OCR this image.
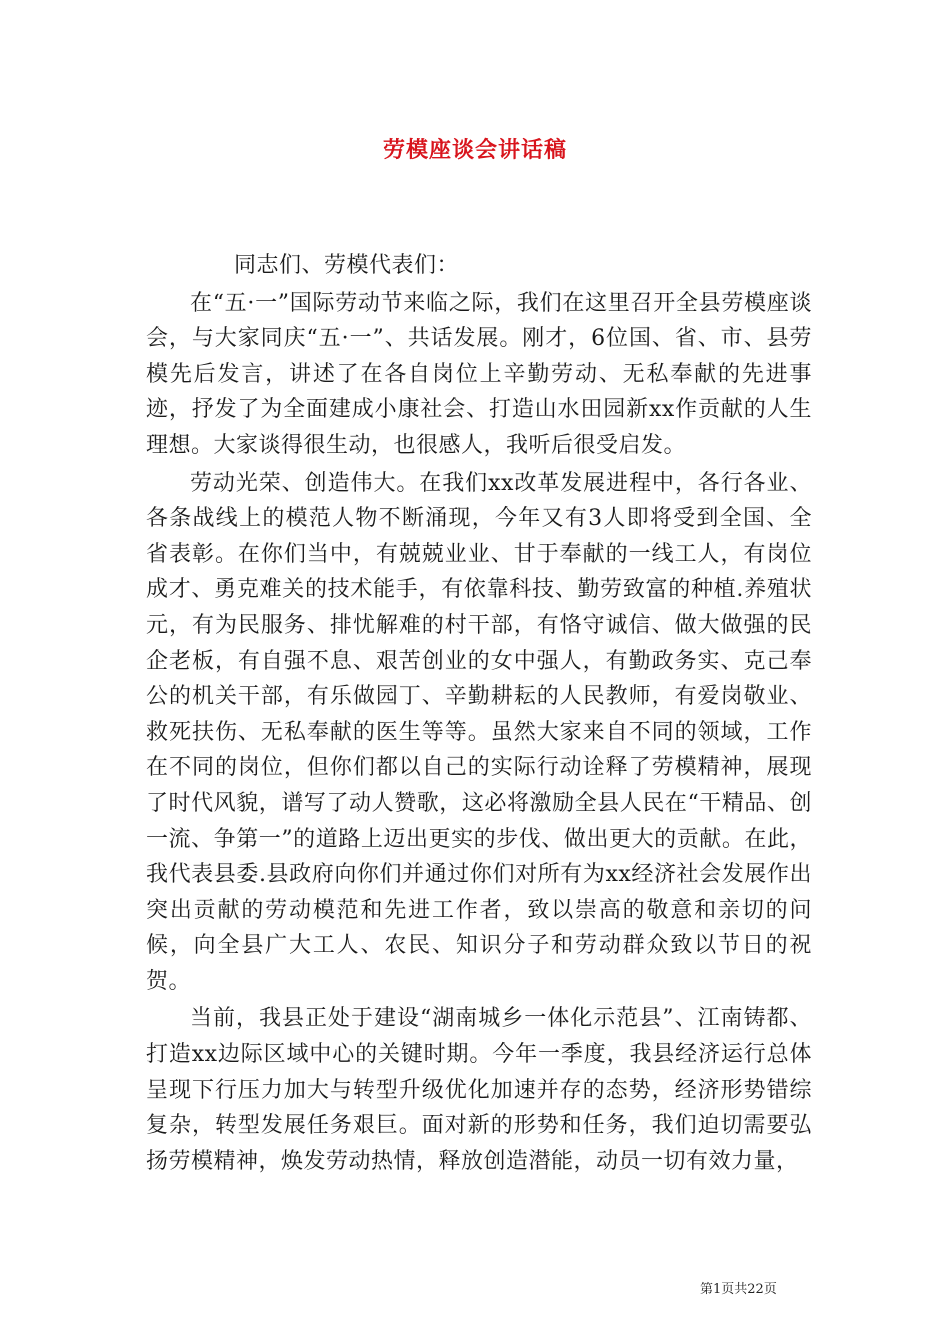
劳模座谈会讲话稿

同志们、劳模代表们：

在“五·一”国际劳动节来临之际，我们在这里召开全县劳模座谈会，与大家同庆“五·一”、共话发展。刚才，6位国、省、市、县劳模先后发言，讲述了在各自岗位上辛勤劳动、无私奉献的先进事迹，抒发了为全面建成小康社会、打造山水田园新xx作贡献的人生理想。大家谈得很生动，也很感人，我听后很受启发。

劳动光荣、创造伟大。在我们xx改革发展进程中，各行各业、各条战线上的模范人物不断涌现，今年又有3人即将受到全国、全省表彰。在你们当中，有兢兢业业、甘于奉献的一线工人，有岗位成才、勇克难关的技术能手，有依靠科技、勤劳致富的种植.养殖状元，有为民服务、排忧解难的村干部，有恪守诚信、做大做强的民企老板，有自强不息、艰苦创业的女中强人，有勤政务实、克己奉公的机关干部，有乐做园丁、辛勤耕耘的人民教师，有爱岗敬业、救死扶伤、无私奉献的医生等等。虽然大家来自不同的领域，工作在不同的岗位，但你们都以自己的实际行动诠释了劳模精神，展现了时代风貌，谱写了动人赞歌，这必将激励全县人民在“干精品、创一流、争第一”的道路上迈出更实的步伐、做出更大的贡献。在此，我代表县委.县政府向你们并通过你们对所有为xx经济社会发展作出突出贡献的劳动模范和先进工作者，致以崇高的敬意和亲切的问候，向全县广大工人、农民、知识分子和劳动群众致以节日的祝贺。

当前，我县正处于建设“湖南城乡一体化示范县”、江南铸都、打造xx边际区域中心的关键时期。今年一季度，我县经济运行总体呈现下行压力加大与转型升级优化加速并存的态势，经济形势错综复杂，转型发展任务艰巨。面对新的形势和任务，我们迫切需要弘扬劳模精神，焕发劳动热情，释放创造潜能，动员一切有效力量，

第1页共22页
